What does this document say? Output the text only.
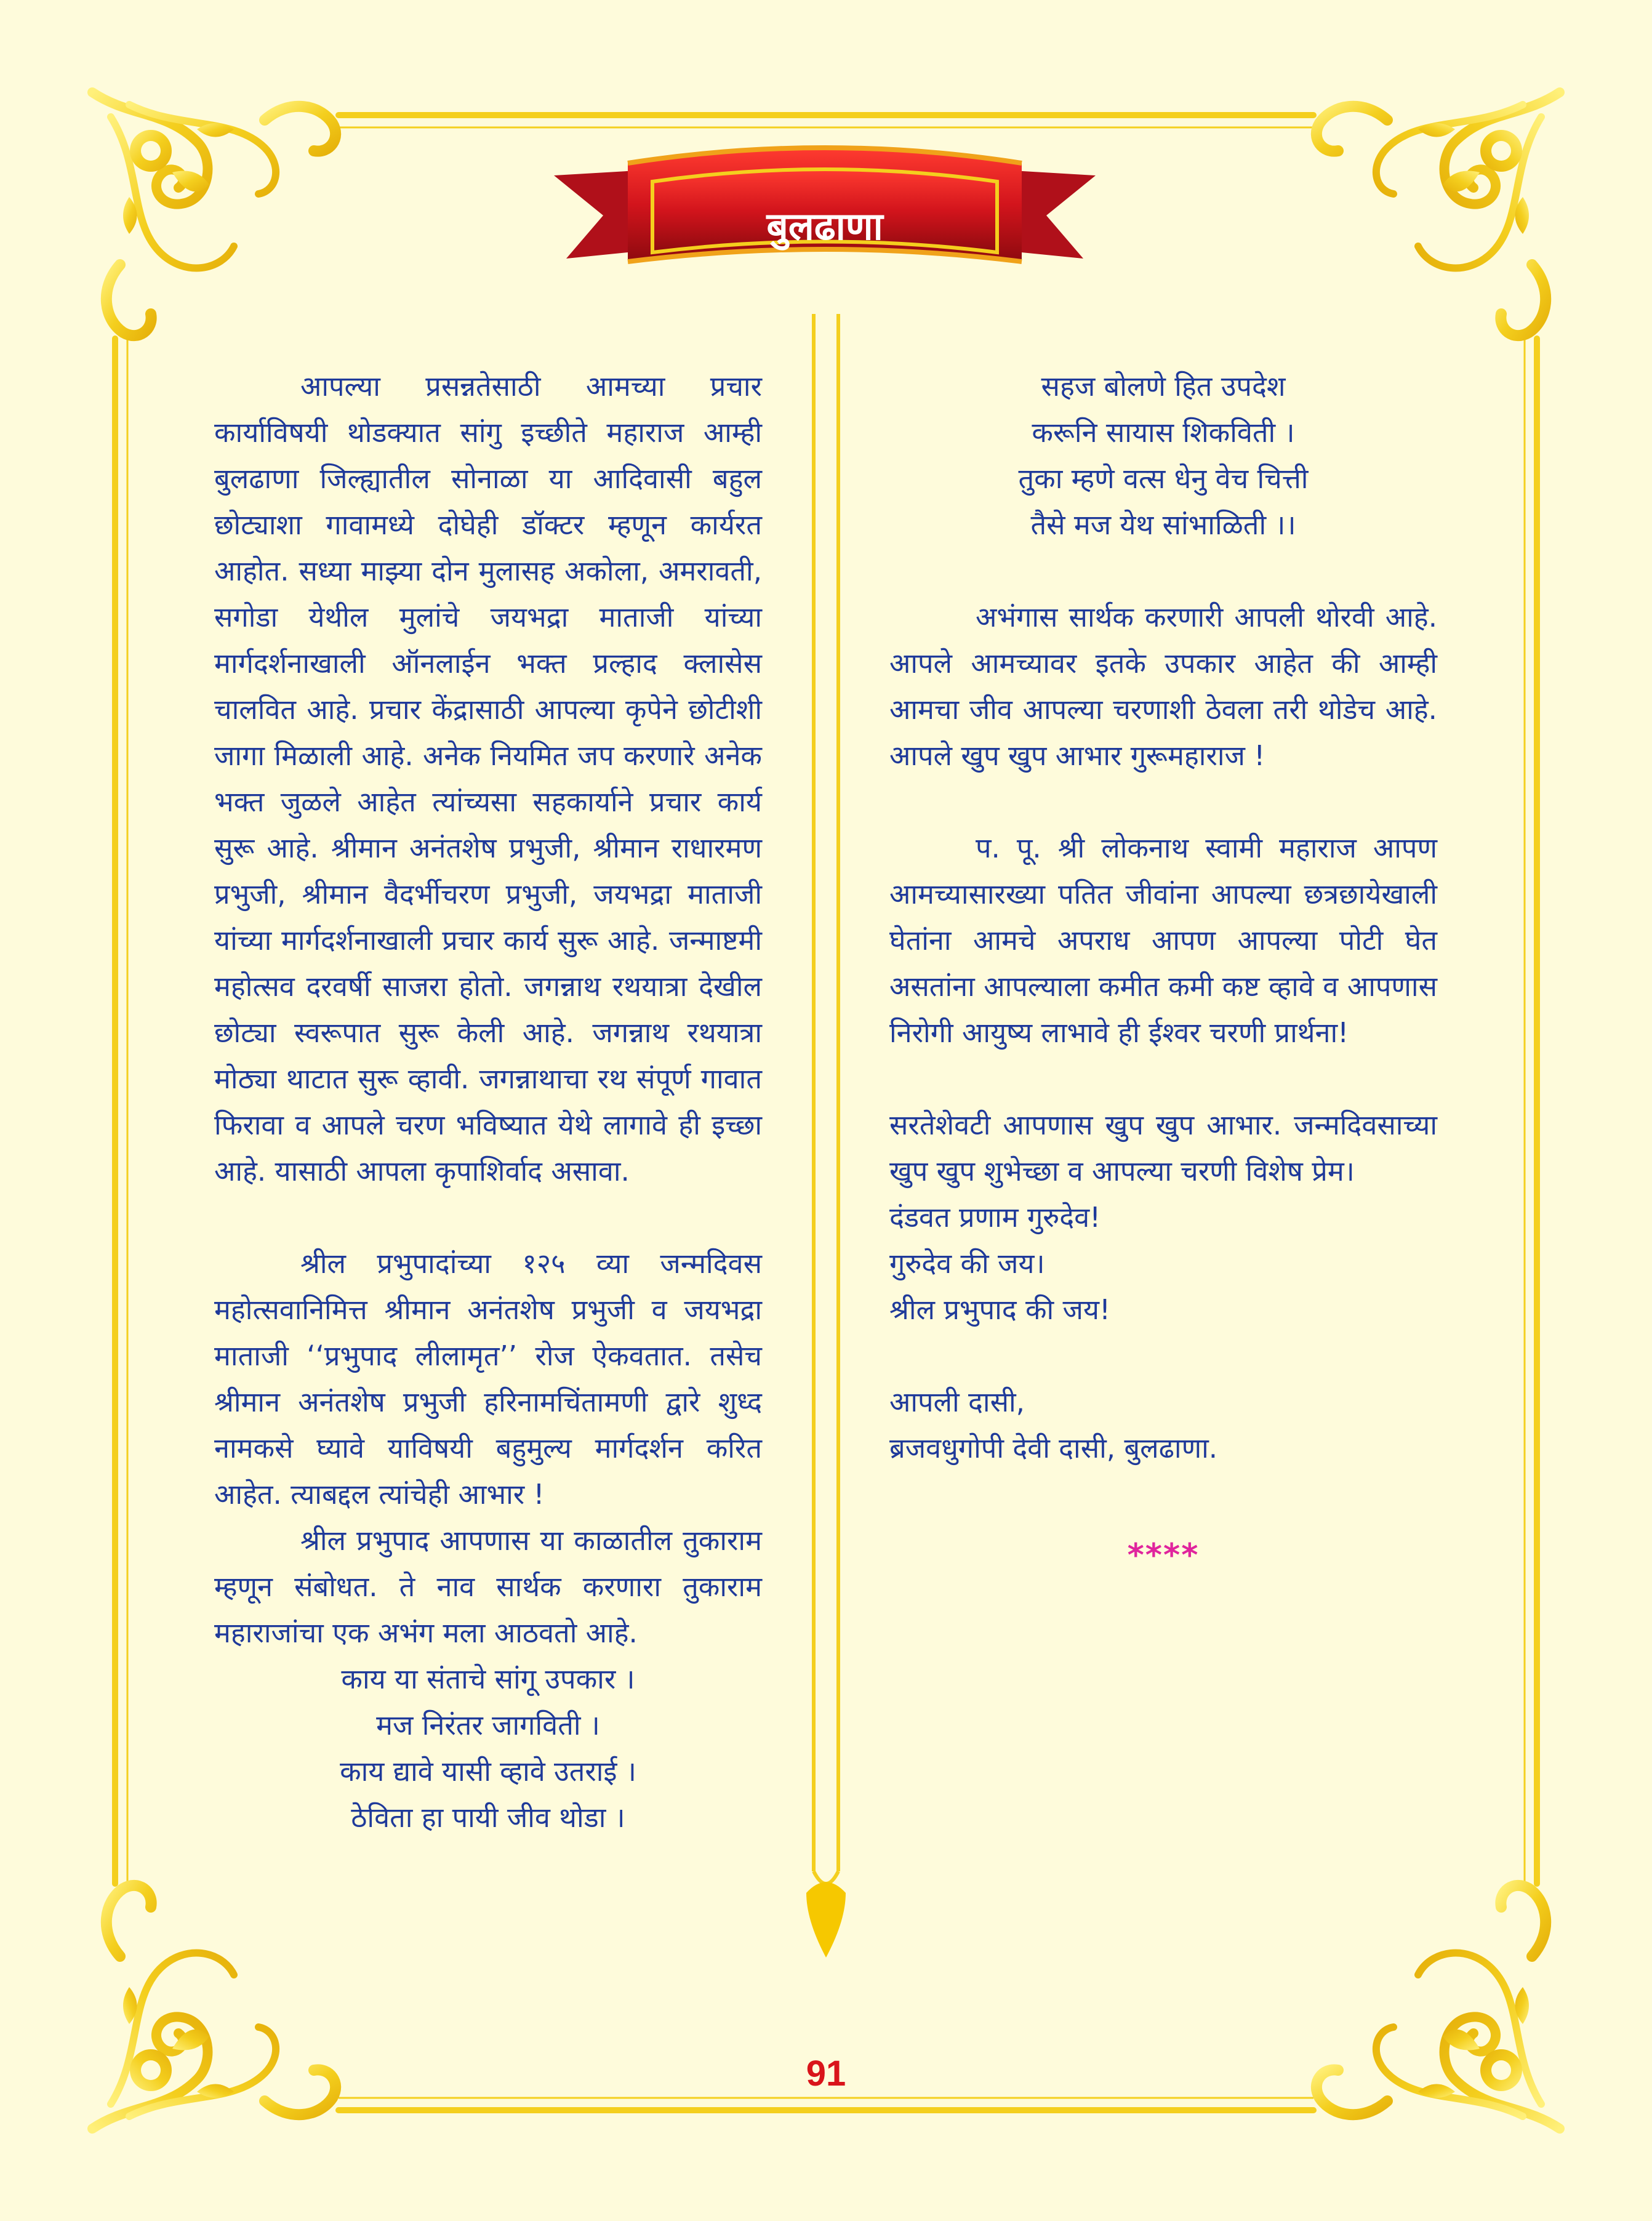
बुलढाणा

आपल्या प्रसन्नतेसाठी आमच्या प्रचार कार्याविषयी थोडक्यात सांगु इच्छीते महाराज आम्ही बुलढाणा जिल्ह्यातील सोनाळा या आदिवासी बहुल छोट्याशा गावामध्ये दोघेही डॉक्टर म्हणून कार्यरत आहोत. सध्या माझ्या दोन मुलासह अकोला, अमरावती, सगोडा येथील मुलांचे जयभद्रा माताजी यांच्या मार्गदर्शनाखाली ऑनलाईन भक्त प्रल्हाद क्लासेस चालवित आहे. प्रचार केंद्रासाठी आपल्या कृपेने छोटीशी जागा मिळाली आहे. अनेक नियमित जप करणारे अनेक भक्त जुळले आहेत त्यांच्यसा सहकार्याने प्रचार कार्य सुरू आहे. श्रीमान अनंतशेष प्रभुजी, श्रीमान राधारमण प्रभुजी, श्रीमान वैदर्भीचरण प्रभुजी, जयभद्रा माताजी यांच्या मार्गदर्शनाखाली प्रचार कार्य सुरू आहे. जन्माष्टमी महोत्सव दरवर्षी साजरा होतो. जगन्नाथ रथयात्रा देखील छोट्या स्वरूपात सुरू केली आहे. जगन्नाथ रथयात्रा मोठ्या थाटात सुरू व्हावी. जगन्नाथाचा रथ संपूर्ण गावात फिरावा व आपले चरण भविष्यात येथे लागावे ही इच्छा आहे. यासाठी आपला कृपाशिर्वाद असावा.

श्रील प्रभुपादांच्या १२५ व्या जन्मदिवस महोत्सवानिमित्त श्रीमान अनंतशेष प्रभुजी व जयभद्रा माताजी ‘‘प्रभुपाद लीलामृत’’ रोज ऐकवतात. तसेच श्रीमान अनंतशेष प्रभुजी हरिनामचिंतामणी द्वारे शुध्द नामकसे घ्यावे याविषयी बहुमुल्य मार्गदर्शन करित आहेत. त्याबद्दल त्यांचेही आभार !

श्रील प्रभुपाद आपणास या काळातील तुकाराम म्हणून संबोधत. ते नाव सार्थक करणारा तुकाराम महाराजांचा एक अभंग मला आठवतो आहे.

काय या संताचे सांगू उपकार ।
मज निरंतर जागविती ।
काय द्यावे यासी व्हावे उतराई ।
ठेविता हा पायी जीव थोडा ।
सहज बोलणे हित उपदेश
करूनि सायास शिकविती ।
तुका म्हणे वत्स धेनु वेच चित्ती
तैसे मज येथ सांभाळिती ।।

अभंगास सार्थक करणारी आपली थोरवी आहे. आपले आमच्यावर इतके उपकार आहेत की आम्ही आमचा जीव आपल्या चरणाशी ठेवला तरी थोडेच आहे. आपले खुप खुप आभार गुरूमहाराज !

प. पू. श्री लोकनाथ स्वामी महाराज आपण आमच्यासारख्या पतित जीवांना आपल्या छत्रछायेखाली घेतांना आमचे अपराध आपण आपल्या पोटी घेत असतांना आपल्याला कमीत कमी कष्ट व्हावे व आपणास निरोगी आयुष्य लाभावे ही ईश्वर चरणी प्रार्थना!

सरतेशेवटी आपणास खुप खुप आभार. जन्मदिवसाच्या खुप खुप शुभेच्छा व आपल्या चरणी विशेष प्रेम।

दंडवत प्रणाम गुरुदेव!

गुरुदेव की जय।

श्रील प्रभुपाद की जय!

आपली दासी,

ब्रजवधुगोपी देवी दासी, बुलढाणा.

****
91
